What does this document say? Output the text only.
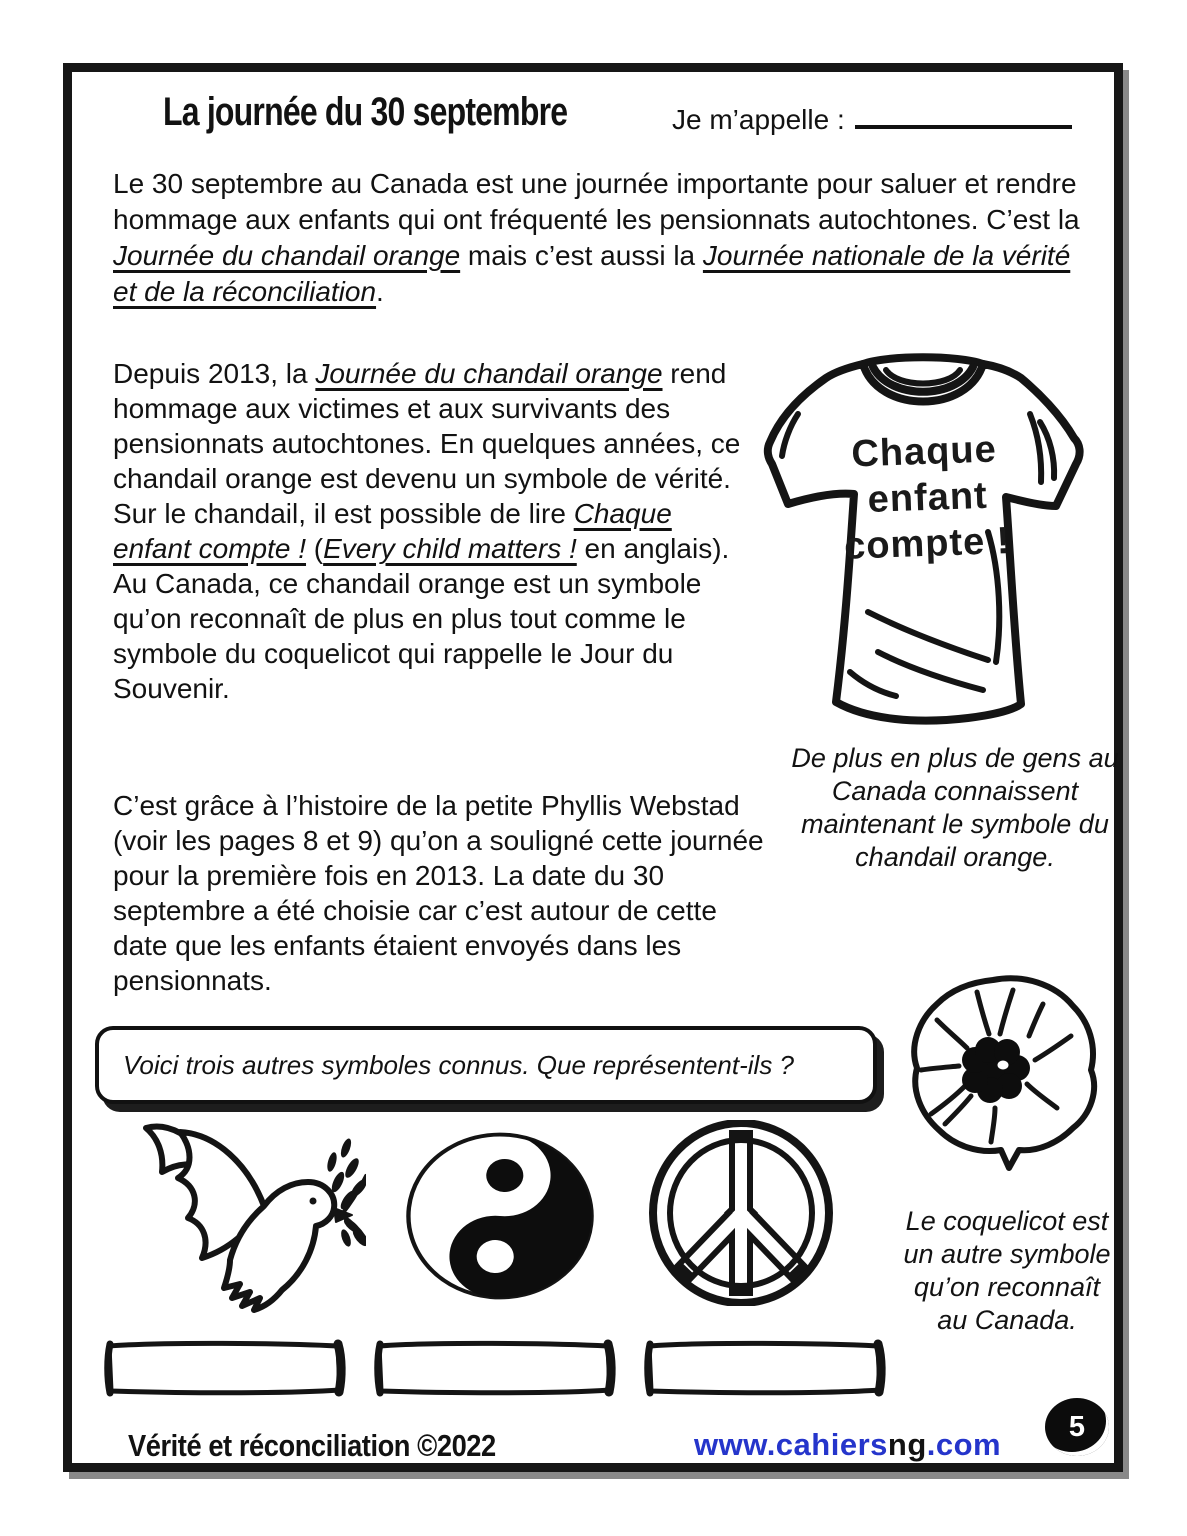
La journée du 30 septembre	Je m’appelle :
Le 30 septembre au Canada est une journée importante pour saluer et rendre hommage aux enfants qui ont fréquenté les pensionnats autochtones. C’est la Journée du chandail orange mais c’est aussi la Journée nationale de la vérité et de la réconciliation.
Depuis 2013, la Journée du chandail orange rend hommage aux victimes et aux survivants des pensionnats autochtones. En quelques années, ce chandail orange est devenu un symbole de vérité. Sur le chandail, il est possible de lire Chaque enfant compte ! (Every child matters ! en anglais). Au Canada, ce chandail orange est un symbole qu’on reconnaît de plus en plus tout comme le symbole du coquelicot qui rappelle le Jour du Souvenir.
Chaque
enfant
compte !
De plus en plus de gens au Canada connaissent maintenant le symbole du chandail orange.
C’est grâce à l’histoire de la petite Phyllis Webstad (voir les pages 8 et 9) qu’on a souligné cette journée pour la première fois en 2013. La date du 30 septembre a été choisie car c’est autour de cette date que les enfants étaient envoyés dans les pensionnats.
Voici trois autres symboles connus. Que représentent-ils ?
Le coquelicot est un autre symbole qu’on reconnaît au Canada.
Vérité et réconciliation ©2022	www.cahiersng.com
5
